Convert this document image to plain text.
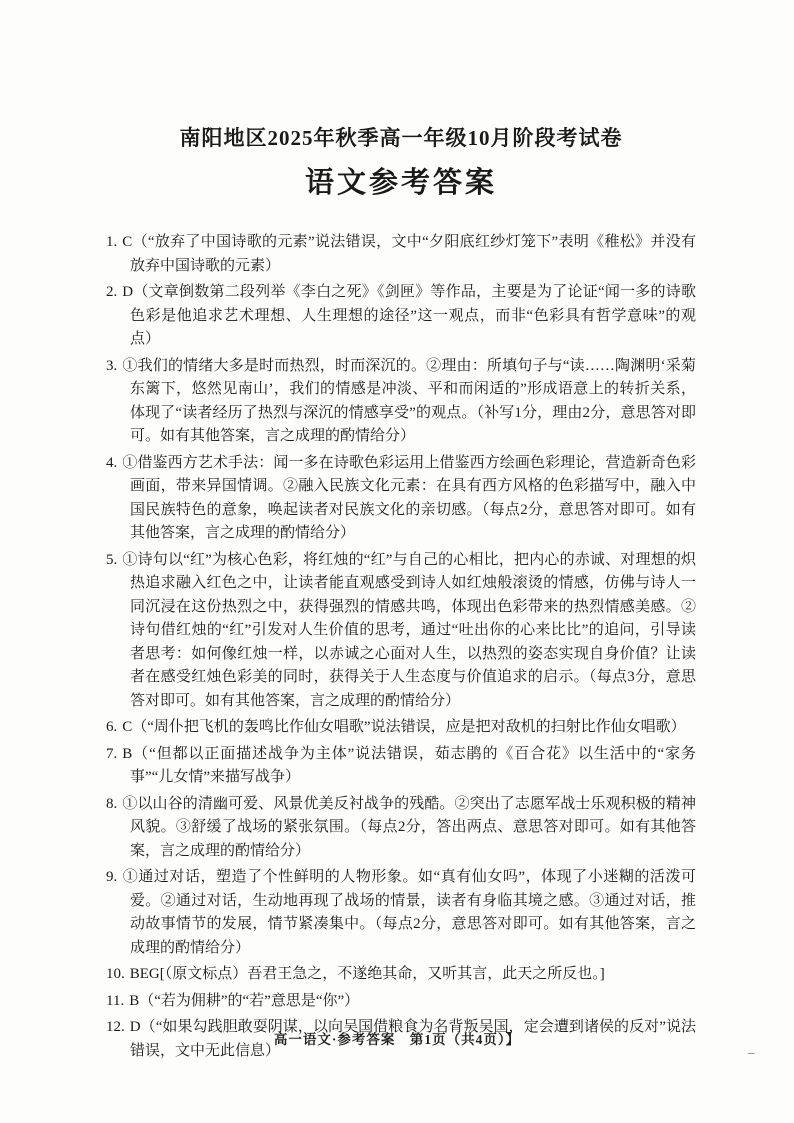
南阳地区2025年秋季高一年级10月阶段考试卷
语文参考答案

1. C（“放弃了中国诗歌的元素”说法错误，文中“夕阳底红纱灯笼下”表明《稚松》并没有放弃中国诗歌的元素）

2. D（文章倒数第二段列举《李白之死》《剑匣》等作品，主要是为了论证“闻一多的诗歌色彩是他追求艺术理想、人生理想的途径”这一观点，而非“色彩具有哲学意味”的观点）

3. ①我们的情绪大多是时而热烈，时而深沉的。②理由：所填句子与“读……陶渊明‘采菊东篱下，悠然见南山’，我们的情感是冲淡、平和而闲适的”形成语意上的转折关系，体现了“读者经历了热烈与深沉的情感享受”的观点。（补写1分，理由2分，意思答对即可。如有其他答案，言之成理的酌情给分）

4. ①借鉴西方艺术手法：闻一多在诗歌色彩运用上借鉴西方绘画色彩理论，营造新奇色彩画面，带来异国情调。②融入民族文化元素：在具有西方风格的色彩描写中，融入中国民族特色的意象，唤起读者对民族文化的亲切感。（每点2分，意思答对即可。如有其他答案，言之成理的酌情给分）

5. ①诗句以“红”为核心色彩，将红烛的“红”与自己的心相比，把内心的赤诚、对理想的炽热追求融入红色之中，让读者能直观感受到诗人如红烛般滚烫的情感，仿佛与诗人一同沉浸在这份热烈之中，获得强烈的情感共鸣，体现出色彩带来的热烈情感美感。②诗句借红烛的“红”引发对人生价值的思考，通过“吐出你的心来比比”的追问，引导读者思考：如何像红烛一样，以赤诚之心面对人生，以热烈的姿态实现自身价值？让读者在感受红烛色彩美的同时，获得关于人生态度与价值追求的启示。（每点3分，意思答对即可。如有其他答案，言之成理的酌情给分）

6. C（“周仆把飞机的轰鸣比作仙女唱歌”说法错误，应是把对敌机的扫射比作仙女唱歌）

7. B（“但都以正面描述战争为主体”说法错误，茹志鹃的《百合花》以生活中的“家务事”“儿女情”来描写战争）

8. ①以山谷的清幽可爱、风景优美反衬战争的残酷。②突出了志愿军战士乐观积极的精神风貌。③舒缓了战场的紧张氛围。（每点2分，答出两点、意思答对即可。如有其他答案，言之成理的酌情给分）

9. ①通过对话，塑造了个性鲜明的人物形象。如“真有仙女吗”，体现了小迷糊的活泼可爱。②通过对话，生动地再现了战场的情景，读者有身临其境之感。③通过对话，推动故事情节的发展，情节紧凑集中。（每点2分，意思答对即可。如有其他答案，言之成理的酌情给分）

10. BEG[（原文标点）吾君王急之，不遂绝其命，又听其言，此天之所反也。]

11. B（“若为佣耕”的“若”意思是“你”）

12. D（“如果勾践胆敢耍阴谋，以向吴国借粮食为名背叛吴国，定会遭到诸侯的反对”说法错误，文中无此信息）

高一语文·参考答案　第1页（共4页）】
_
